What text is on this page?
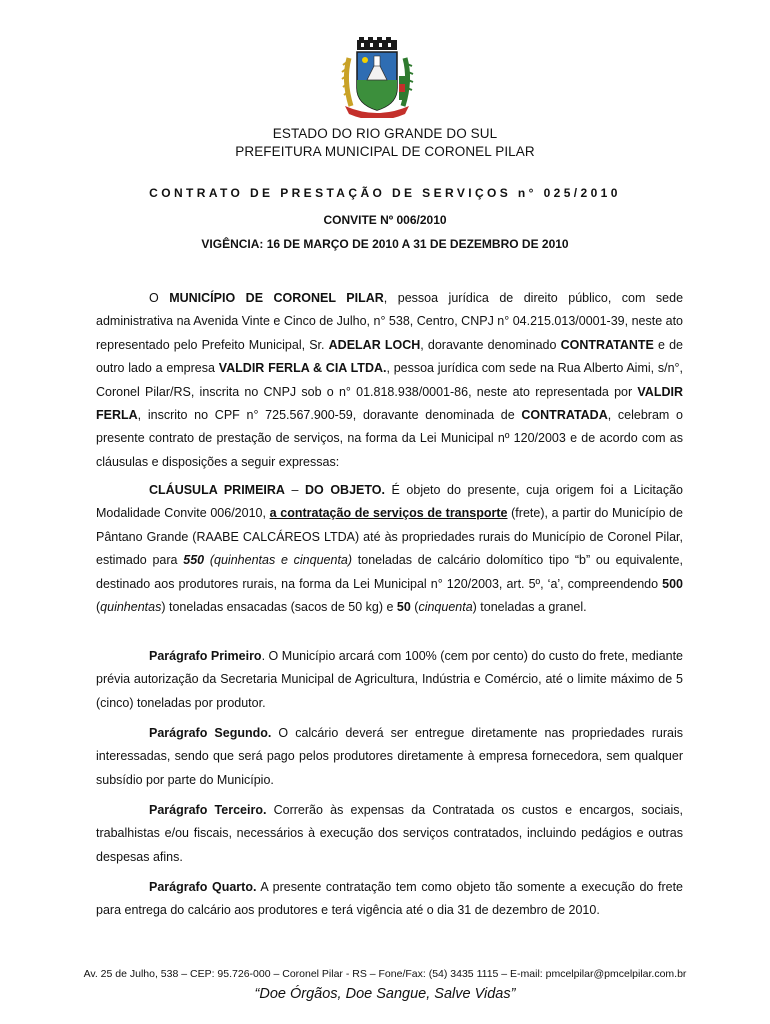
ESTADO DO RIO GRANDE DO SUL
PREFEITURA MUNICIPAL DE CORONEL PILAR
CONTRATO DE PRESTAÇÃO DE SERVIÇOS n° 025/2010
CONVITE Nº 006/2010
VIGÊNCIA: 16 DE MARÇO DE 2010 A 31 DE DEZEMBRO DE 2010
O MUNICÍPIO DE CORONEL PILAR, pessoa jurídica de direito público, com sede administrativa na Avenida Vinte e Cinco de Julho, n° 538, Centro, CNPJ n° 04.215.013/0001-39, neste ato representado pelo Prefeito Municipal, Sr. ADELAR LOCH, doravante denominado CONTRATANTE e de outro lado a empresa VALDIR FERLA & CIA LTDA., pessoa jurídica com sede na Rua Alberto Aimi, s/n°, Coronel Pilar/RS, inscrita no CNPJ sob o n° 01.818.938/0001-86, neste ato representada por VALDIR FERLA, inscrito no CPF n° 725.567.900-59, doravante denominada de CONTRATADA, celebram o presente contrato de prestação de serviços, na forma da Lei Municipal nº 120/2003 e de acordo com as cláusulas e disposições a seguir expressas:
CLÁUSULA PRIMEIRA – DO OBJETO. É objeto do presente, cuja origem foi a Licitação Modalidade Convite 006/2010, a contratação de serviços de transporte (frete), a partir do Município de Pântano Grande (RAABE CALCÁREOS LTDA) até às propriedades rurais do Município de Coronel Pilar, estimado para 550 (quinhentas e cinquenta) toneladas de calcário dolomítico tipo “b” ou equivalente, destinado aos produtores rurais, na forma da Lei Municipal n° 120/2003, art. 5º, ‘a’, compreendendo 500 (quinhentas) toneladas ensacadas (sacos de 50 kg) e 50 (cinquenta) toneladas a granel.
Parágrafo Primeiro. O Município arcará com 100% (cem por cento) do custo do frete, mediante prévia autorização da Secretaria Municipal de Agricultura, Indústria e Comércio, até o limite máximo de 5 (cinco) toneladas por produtor.
Parágrafo Segundo. O calcário deverá ser entregue diretamente nas propriedades rurais interessadas, sendo que será pago pelos produtores diretamente à empresa fornecedora, sem qualquer subsídio por parte do Município.
Parágrafo Terceiro. Correrão às expensas da Contratada os custos e encargos, sociais, trabalhistas e/ou fiscais, necessários à execução dos serviços contratados, incluindo pedágios e outras despesas afins.
Parágrafo Quarto. A presente contratação tem como objeto tão somente a execução do frete para entrega do calcário aos produtores e terá vigência até o dia 31 de dezembro de 2010.
Av. 25 de Julho, 538 – CEP: 95.726-000 – Coronel Pilar - RS – Fone/Fax: (54) 3435 1115 – E-mail: pmcelpilar@pmcelpilar.com.br
“Doe Órgãos, Doe Sangue, Salve Vidas”
